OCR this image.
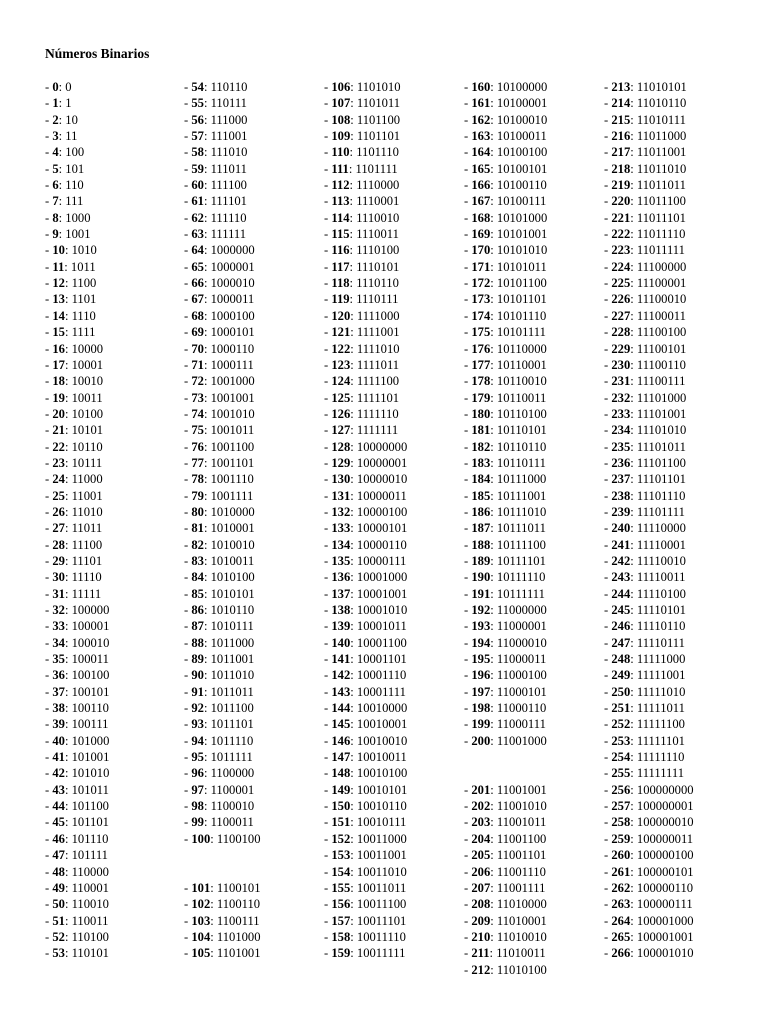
Números Binarios
- 0: 0
- 1: 1
- 2: 10
- 3: 11
- 4: 100
- 5: 101
- 6: 110
- 7: 111
- 8: 1000
- 9: 1001
- 10: 1010
- 11: 1011
- 12: 1100
- 13: 1101
- 14: 1110
- 15: 1111
- 16: 10000
- 17: 10001
- 18: 10010
- 19: 10011
- 20: 10100
- 21: 10101
- 22: 10110
- 23: 10111
- 24: 11000
- 25: 11001
- 26: 11010
- 27: 11011
- 28: 11100
- 29: 11101
- 30: 11110
- 31: 11111
- 32: 100000
- 33: 100001
- 34: 100010
- 35: 100011
- 36: 100100
- 37: 100101
- 38: 100110
- 39: 100111
- 40: 101000
- 41: 101001
- 42: 101010
- 43: 101011
- 44: 101100
- 45: 101101
- 46: 101110
- 47: 101111
- 48: 110000
- 49: 110001
- 50: 110010
- 51: 110011
- 52: 110100
- 53: 110101
- 54: 110110
- 55: 110111
- 56: 111000
- 57: 111001
- 58: 111010
- 59: 111011
- 60: 111100
- 61: 111101
- 62: 111110
- 63: 111111
- 64: 1000000
- 65: 1000001
- 66: 1000010
- 67: 1000011
- 68: 1000100
- 69: 1000101
- 70: 1000110
- 71: 1000111
- 72: 1001000
- 73: 1001001
- 74: 1001010
- 75: 1001011
- 76: 1001100
- 77: 1001101
- 78: 1001110
- 79: 1001111
- 80: 1010000
- 81: 1010001
- 82: 1010010
- 83: 1010011
- 84: 1010100
- 85: 1010101
- 86: 1010110
- 87: 1010111
- 88: 1011000
- 89: 1011001
- 90: 1011010
- 91: 1011011
- 92: 1011100
- 93: 1011101
- 94: 1011110
- 95: 1011111
- 96: 1100000
- 97: 1100001
- 98: 1100010
- 99: 1100011
- 100: 1100100

- 101: 1100101
- 102: 1100110
- 103: 1100111
- 104: 1101000
- 105: 1101001
- 106: 1101010
- 107: 1101011
- 108: 1101100
- 109: 1101101
- 110: 1101110
- 111: 1101111
- 112: 1110000
- 113: 1110001
- 114: 1110010
- 115: 1110011
- 116: 1110100
- 117: 1110101
- 118: 1110110
- 119: 1110111
- 120: 1111000
- 121: 1111001
- 122: 1111010
- 123: 1111011
- 124: 1111100
- 125: 1111101
- 126: 1111110
- 127: 1111111
- 128: 10000000
- 129: 10000001
- 130: 10000010
- 131: 10000011
- 132: 10000100
- 133: 10000101
- 134: 10000110
- 135: 10000111
- 136: 10001000
- 137: 10001001
- 138: 10001010
- 139: 10001011
- 140: 10001100
- 141: 10001101
- 142: 10001110
- 143: 10001111
- 144: 10010000
- 145: 10010001
- 146: 10010010
- 147: 10010011
- 148: 10010100
- 149: 10010101
- 150: 10010110
- 151: 10010111
- 152: 10011000
- 153: 10011001
- 154: 10011010
- 155: 10011011
- 156: 10011100
- 157: 10011101
- 158: 10011110
- 159: 10011111
- 160: 10100000
- 161: 10100001
- 162: 10100010
- 163: 10100011
- 164: 10100100
- 165: 10100101
- 166: 10100110
- 167: 10100111
- 168: 10101000
- 169: 10101001
- 170: 10101010
- 171: 10101011
- 172: 10101100
- 173: 10101101
- 174: 10101110
- 175: 10101111
- 176: 10110000
- 177: 10110001
- 178: 10110010
- 179: 10110011
- 180: 10110100
- 181: 10110101
- 182: 10110110
- 183: 10110111
- 184: 10111000
- 185: 10111001
- 186: 10111010
- 187: 10111011
- 188: 10111100
- 189: 10111101
- 190: 10111110
- 191: 10111111
- 192: 11000000
- 193: 11000001
- 194: 11000010
- 195: 11000011
- 196: 11000100
- 197: 11000101
- 198: 11000110
- 199: 11000111
- 200: 11001000

- 201: 11001001
- 202: 11001010
- 203: 11001011
- 204: 11001100
- 205: 11001101
- 206: 11001110
- 207: 11001111
- 208: 11010000
- 209: 11010001
- 210: 11010010
- 211: 11010011
- 212: 11010100
- 213: 11010101
- 214: 11010110
- 215: 11010111
- 216: 11011000
- 217: 11011001
- 218: 11011010
- 219: 11011011
- 220: 11011100
- 221: 11011101
- 222: 11011110
- 223: 11011111
- 224: 11100000
- 225: 11100001
- 226: 11100010
- 227: 11100011
- 228: 11100100
- 229: 11100101
- 230: 11100110
- 231: 11100111
- 232: 11101000
- 233: 11101001
- 234: 11101010
- 235: 11101011
- 236: 11101100
- 237: 11101101
- 238: 11101110
- 239: 11101111
- 240: 11110000
- 241: 11110001
- 242: 11110010
- 243: 11110011
- 244: 11110100
- 245: 11110101
- 246: 11110110
- 247: 11110111
- 248: 11111000
- 249: 11111001
- 250: 11111010
- 251: 11111011
- 252: 11111100
- 253: 11111101
- 254: 11111110
- 255: 11111111
- 256: 100000000
- 257: 100000001
- 258: 100000010
- 259: 100000011
- 260: 100000100
- 261: 100000101
- 262: 100000110
- 263: 100000111
- 264: 100001000
- 265: 100001001
- 266: 100001010
